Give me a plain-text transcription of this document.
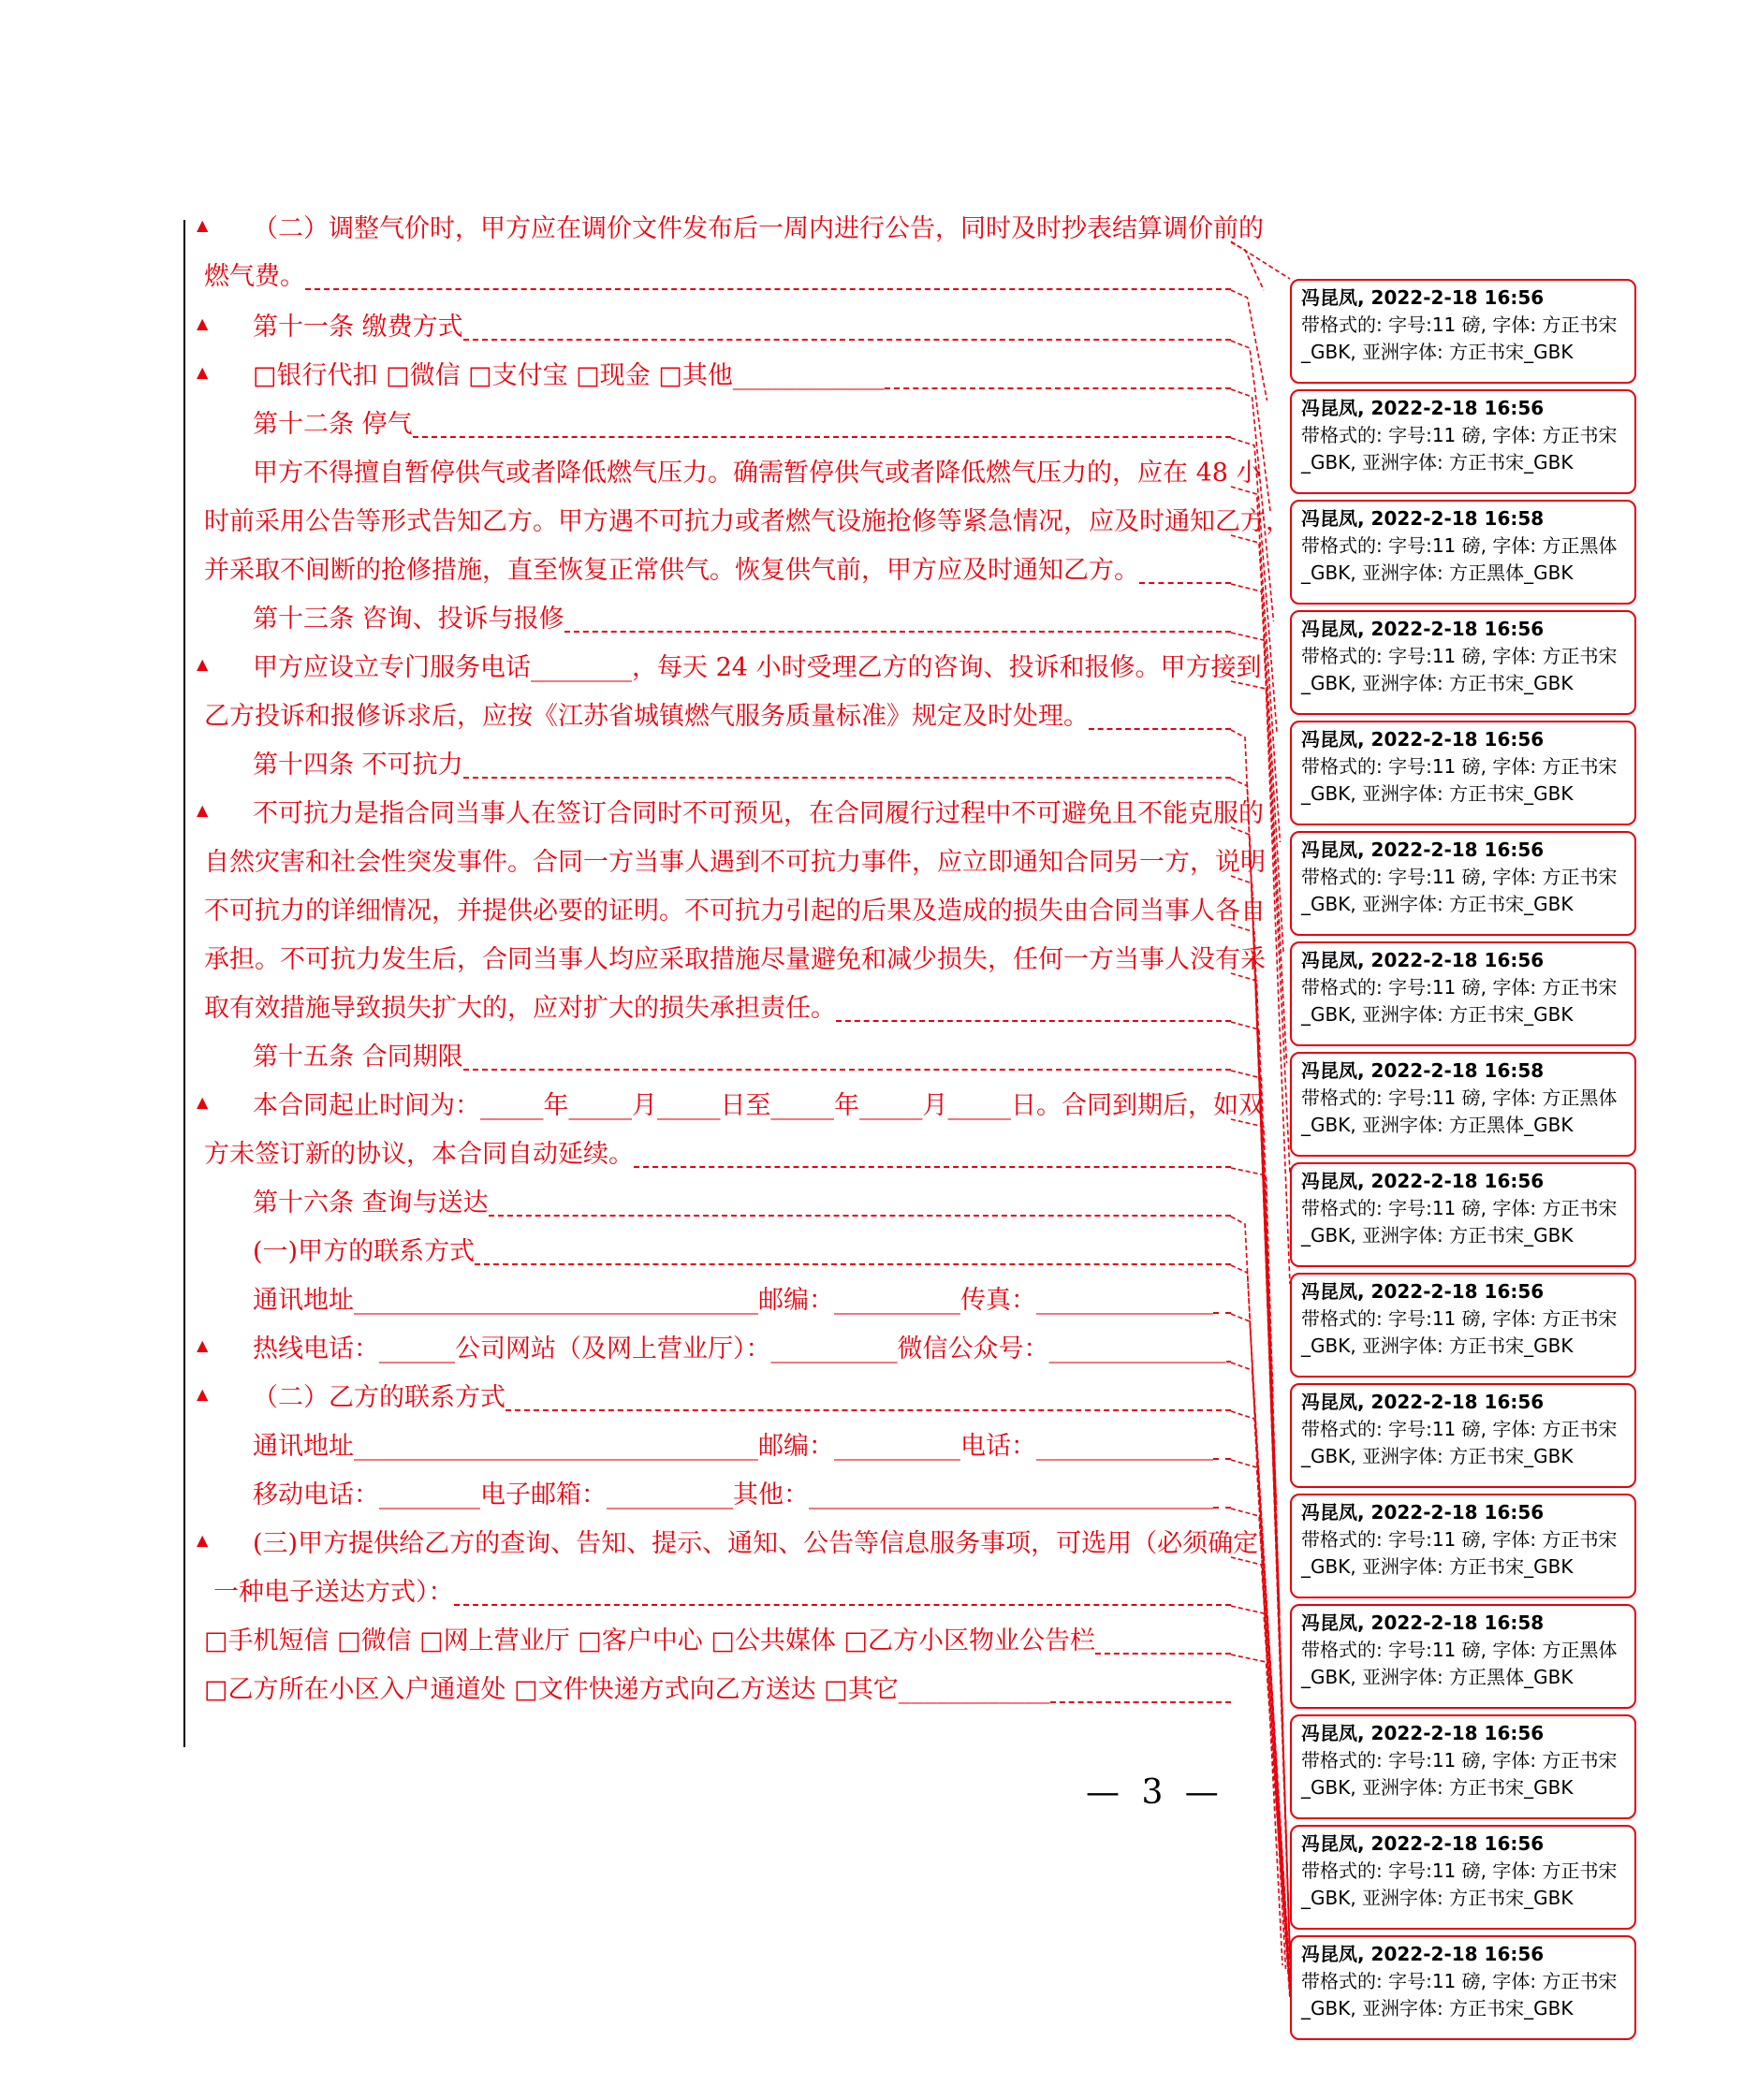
▲ （二）调整气价时，甲方应在调价文件发布后一周内进行公告，同时及时抄表结算调价前的
燃气费。
▲ 第十一条 缴费方式
▲ □银行代扣 □微信 □支付宝 □现金 □其他____________
第十二条 停气
甲方不得擅自暂停供气或者降低燃气压力。确需暂停供气或者降低燃气压力的，应在 48 小
时前采用公告等形式告知乙方。甲方遇不可抗力或者燃气设施抢修等紧急情况，应及时通知乙方，
并采取不间断的抢修措施，直至恢复正常供气。恢复供气前，甲方应及时通知乙方。
第十三条 咨询、投诉与报修
▲ 甲方应设立专门服务电话________，每天 24 小时受理乙方的咨询、投诉和报修。甲方接到
乙方投诉和报修诉求后，应按《江苏省城镇燃气服务质量标准》规定及时处理。
第十四条 不可抗力
▲ 不可抗力是指合同当事人在签订合同时不可预见，在合同履行过程中不可避免且不能克服的
自然灾害和社会性突发事件。合同一方当事人遇到不可抗力事件，应立即通知合同另一方，说明
不可抗力的详细情况，并提供必要的证明。不可抗力引起的后果及造成的损失由合同当事人各自
承担。不可抗力发生后，合同当事人均应采取措施尽量避免和减少损失，任何一方当事人没有采
取有效措施导致损失扩大的，应对扩大的损失承担责任。
第十五条 合同期限
▲ 本合同起止时间为：_____年_____月_____日至_____年_____月_____日。合同到期后，如双
方未签订新的协议，本合同自动延续。
第十六条 查询与送达
(一)甲方的联系方式
通讯地址________________________________邮编：__________传真：______________
▲ 热线电话：______公司网站（及网上营业厅）：__________微信公众号：______________
▲ （二）乙方的联系方式
通讯地址________________________________邮编：__________电话：______________
移动电话：________电子邮箱：__________其他：________________________________
▲ (三)甲方提供给乙方的查询、告知、提示、通知、公告等信息服务事项，可选用（必须确定
一种电子送达方式）：
□手机短信 □微信 □网上营业厅 □客户中心 □公共媒体 □乙方小区物业公告栏
□乙方所在小区入户通道处 □文件快递方式向乙方送达 □其它____________
— 3 —
冯昆凤, 2022-2-18 16:56
带格式的: 字号:11 磅, 字体: 方正书宋_GBK, 亚洲字体: 方正书宋_GBK
冯昆凤, 2022-2-18 16:56
带格式的: 字号:11 磅, 字体: 方正书宋_GBK, 亚洲字体: 方正书宋_GBK
冯昆凤, 2022-2-18 16:58
带格式的: 字号:11 磅, 字体: 方正黑体_GBK, 亚洲字体: 方正黑体_GBK
冯昆凤, 2022-2-18 16:56
带格式的: 字号:11 磅, 字体: 方正书宋_GBK, 亚洲字体: 方正书宋_GBK
冯昆凤, 2022-2-18 16:56
带格式的: 字号:11 磅, 字体: 方正书宋_GBK, 亚洲字体: 方正书宋_GBK
冯昆凤, 2022-2-18 16:56
带格式的: 字号:11 磅, 字体: 方正书宋_GBK, 亚洲字体: 方正书宋_GBK
冯昆凤, 2022-2-18 16:56
带格式的: 字号:11 磅, 字体: 方正书宋_GBK, 亚洲字体: 方正书宋_GBK
冯昆凤, 2022-2-18 16:58
带格式的: 字号:11 磅, 字体: 方正黑体_GBK, 亚洲字体: 方正黑体_GBK
冯昆凤, 2022-2-18 16:56
带格式的: 字号:11 磅, 字体: 方正书宋_GBK, 亚洲字体: 方正书宋_GBK
冯昆凤, 2022-2-18 16:56
带格式的: 字号:11 磅, 字体: 方正书宋_GBK, 亚洲字体: 方正书宋_GBK
冯昆凤, 2022-2-18 16:56
带格式的: 字号:11 磅, 字体: 方正书宋_GBK, 亚洲字体: 方正书宋_GBK
冯昆凤, 2022-2-18 16:56
带格式的: 字号:11 磅, 字体: 方正书宋_GBK, 亚洲字体: 方正书宋_GBK
冯昆凤, 2022-2-18 16:58
带格式的: 字号:11 磅, 字体: 方正黑体_GBK, 亚洲字体: 方正黑体_GBK
冯昆凤, 2022-2-18 16:56
带格式的: 字号:11 磅, 字体: 方正书宋_GBK, 亚洲字体: 方正书宋_GBK
冯昆凤, 2022-2-18 16:56
带格式的: 字号:11 磅, 字体: 方正书宋_GBK, 亚洲字体: 方正书宋_GBK
冯昆凤, 2022-2-18 16:56
带格式的: 字号:11 磅, 字体: 方正书宋_GBK, 亚洲字体: 方正书宋_GBK
